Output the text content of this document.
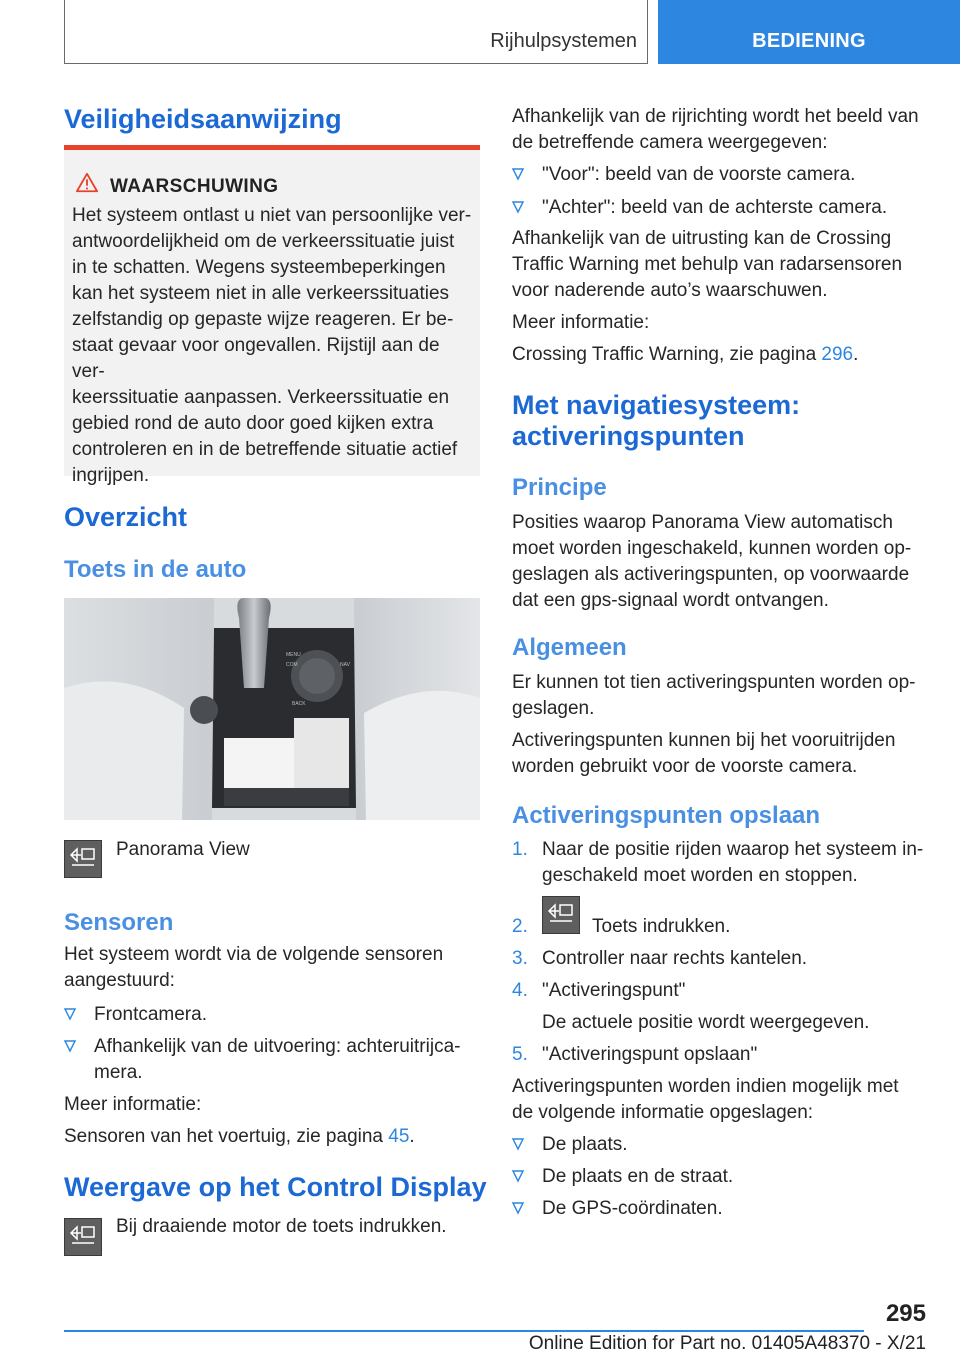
Rijhulpsystemen	BEDIENING
Veiligheidsaanwijzing
WAARSCHUWING

Het systeem ontlast u niet van persoonlijke ver-

antwoordelijkheid om de verkeerssituatie juist

in te schatten. Wegens systeembeperkingen

kan het systeem niet in alle verkeerssituaties

zelfstandig op gepaste wijze reageren. Er be-

staat gevaar voor ongevallen. Rijstijl aan de ver-

keerssituatie aanpassen. Verkeerssituatie en

gebied rond de auto door goed kijken extra

controleren en in de betreffende situatie actief

ingrijpen.

Overzicht
Toets in de auto
MENU
NAV
COM
BACK

Panorama View

Sensoren

Het systeem wordt via de volgende sensoren

aangestuurd:

Frontcamera.

Afhankelijk van de uitvoering: achteruitrijca-

mera.

Meer informatie:

Sensoren van het voertuig, zie pagina 45.

Weergave op het Control Display

Bij draaiende motor de toets indrukken.

Afhankelijk van de rijrichting wordt het beeld van

de betreffende camera weergegeven:

"Voor": beeld van de voorste camera.

"Achter": beeld van de achterste camera.

Afhankelijk van de uitrusting kan de Crossing

Traffic Warning met behulp van radarsensoren

voor naderende auto’s waarschuwen.

Meer informatie:

Crossing Traffic Warning, zie pagina 296.

Met navigatiesysteem:
activeringspunten
Principe

Posities waarop Panorama View automatisch

moet worden ingeschakeld, kunnen worden op-

geslagen als activeringspunten, op voorwaarde

dat een gps-signaal wordt ontvangen.

Algemeen

Er kunnen tot tien activeringspunten worden op-

geslagen.

Activeringspunten kunnen bij het vooruitrijden

worden gebruikt voor de voorste camera.

Activeringspunten opslaan
1. Naar de positie rijden waarop het systeem in-

geschakeld moet worden en stoppen.

2.	Toets indrukken.

3. Controller naar rechts kantelen.

4. "Activeringspunt"

De actuele positie wordt weergegeven.

5. "Activeringspunt opslaan"

Activeringspunten worden indien mogelijk met

de volgende informatie opgeslagen:

De plaats.

De plaats en de straat.

De GPS-coördinaten.

295
Online Edition for Part no. 01405A48370 - X/21
